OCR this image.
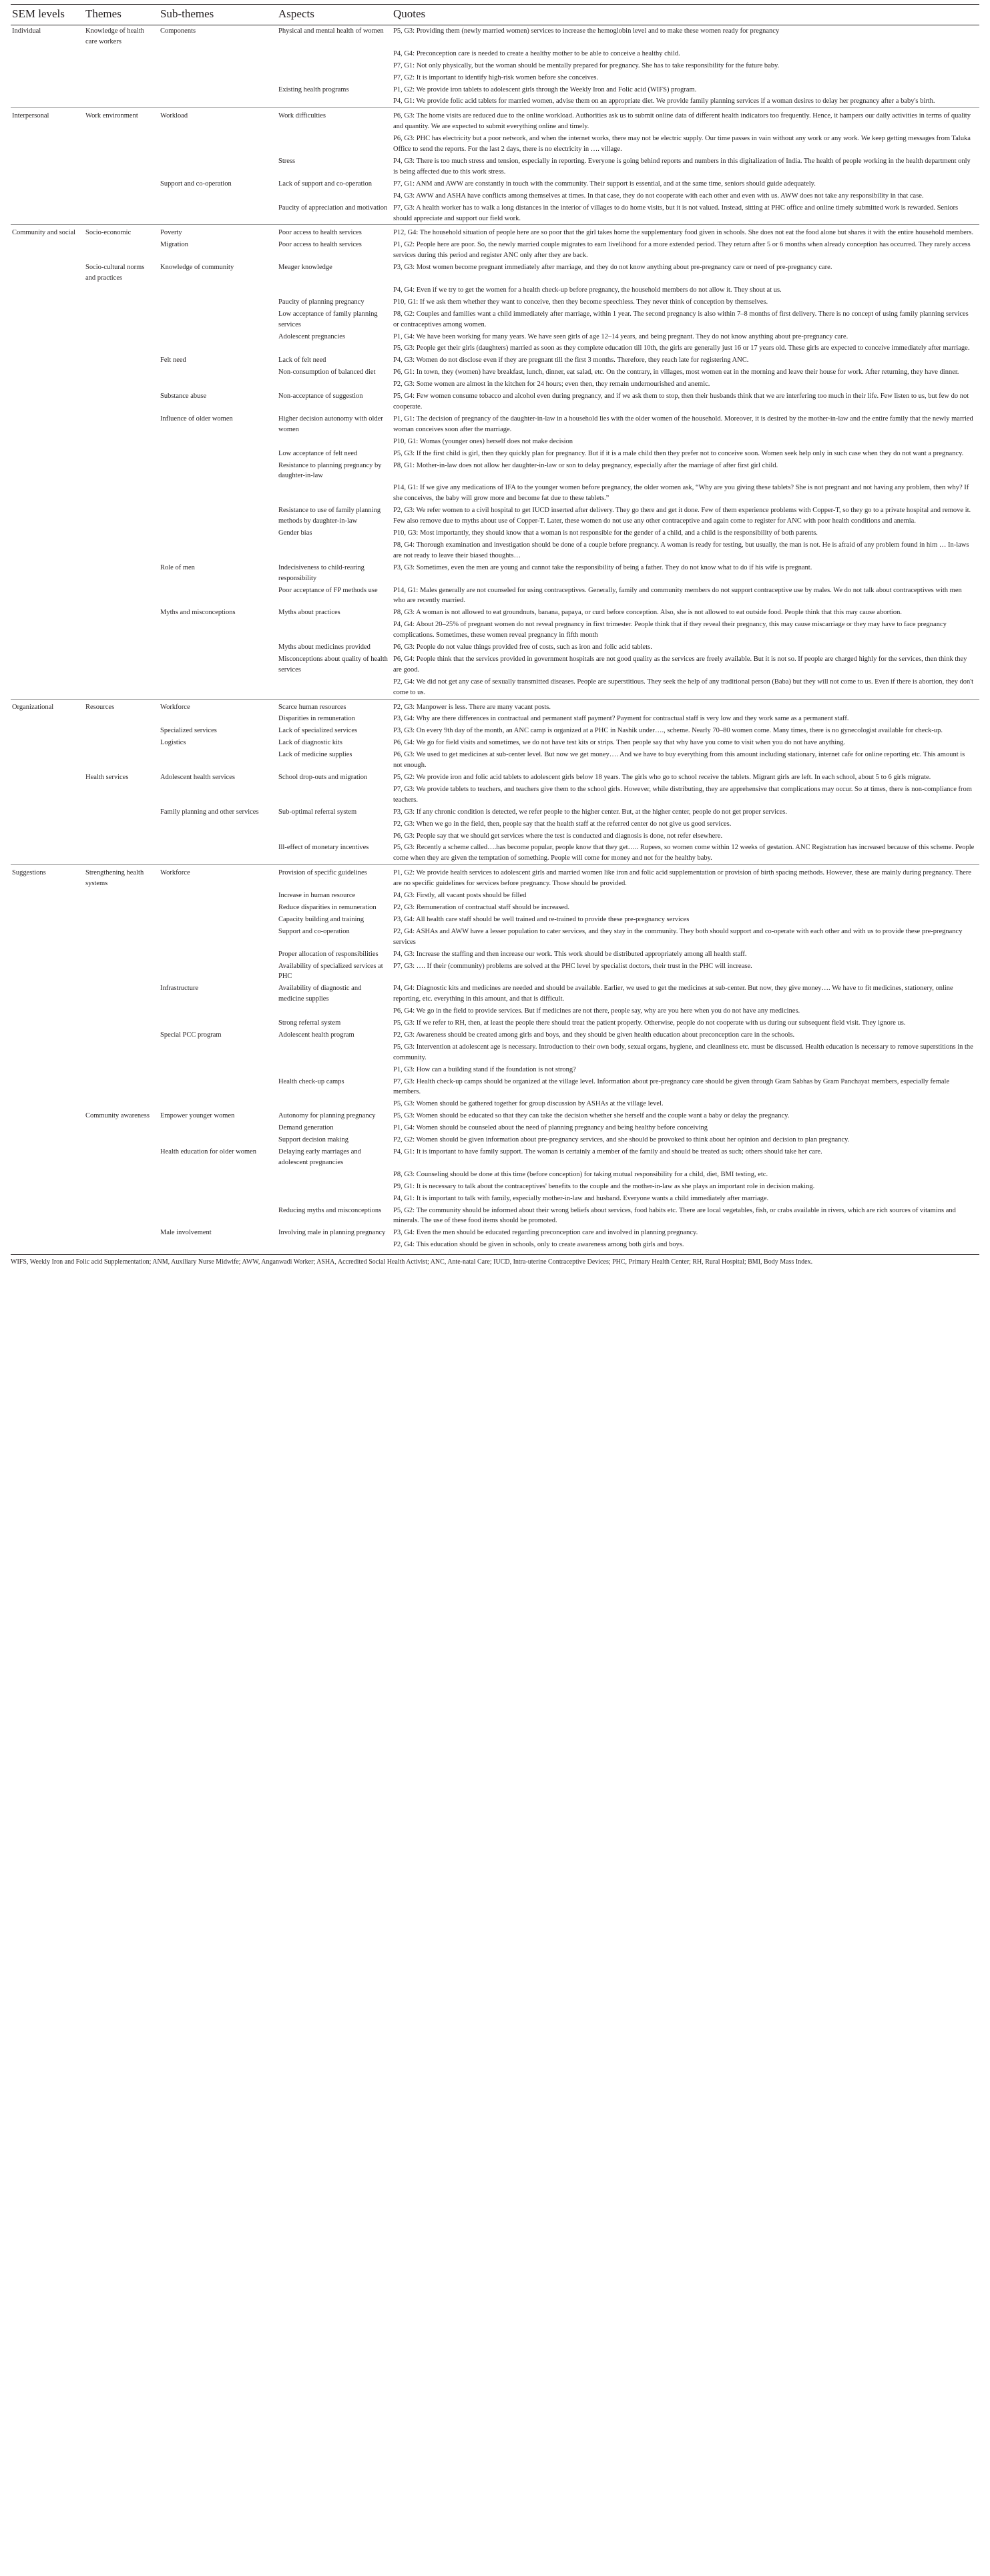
SEM levels	Themes	Sub-themes	Aspects	Quotes
Individual	Knowledge of health care workers	Components	Physical and mental health of women	P5, G3: Providing them (newly married women) services to increase the hemoglobin level and to make these women ready for pregnancy
				P4, G4: Preconception care is needed to create a healthy mother to be able to conceive a healthy child.
				P7, G1: Not only physically, but the woman should be mentally prepared for pregnancy. She has to take responsibility for the future baby.
				P7, G2: It is important to identify high-risk women before she conceives.
			Existing health programs	P1, G2: We provide iron tablets to adolescent girls through the Weekly Iron and Folic acid (WIFS) program.
				P4, G1: We provide folic acid tablets for married women, advise them on an appropriate diet. We provide family planning services if a woman desires to delay her pregnancy after a baby's birth.
Interpersonal	Work environment	Workload	Work difficulties	P6, G3: The home visits are reduced due to the online workload. Authorities ask us to submit online data of different health indicators too frequently. Hence, it hampers our daily activities in terms of quality and quantity. We are expected to submit everything online and timely.
				P6, G3: PHC has electricity but a poor network, and when the internet works, there may not be electric supply. Our time passes in vain without any work or any work. We keep getting messages from Taluka Office to send the reports. For the last 2 days, there is no electricity in …. village.
			Stress	P4, G3: There is too much stress and tension, especially in reporting. Everyone is going behind reports and numbers in this digitalization of India. The health of people working in the health department only is being affected due to this work stress.
		Support and co-operation	Lack of support and co-operation	P7, G1: ANM and AWW are constantly in touch with the community. Their support is essential, and at the same time, seniors should guide adequately.
				P4, G3: AWW and ASHA have conflicts among themselves at times. In that case, they do not cooperate with each other and even with us. AWW does not take any responsibility in that case.
			Paucity of appreciation and motivation	P7, G3: A health worker has to walk a long distances in the interior of villages to do home visits, but it is not valued. Instead, sitting at PHC office and online timely submitted work is rewarded. Seniors should appreciate and support our field work.
Community and social	Socio-economic	Poverty	Poor access to health services	P12, G4: The household situation of people here are so poor that the girl takes home the supplementary food given in schools. She does not eat the food alone but shares it with the entire household members.
		Migration	Poor access to health services	P1, G2: People here are poor. So, the newly married couple migrates to earn livelihood for a more extended period. They return after 5 or 6 months when already conception has occurred. They rarely access services during this period and register ANC only after they are back.
	Socio-cultural norms and practices	Knowledge of community	Meager knowledge	P3, G3: Most women become pregnant immediately after marriage, and they do not know anything about pre-pregnancy care or need of pre-pregnancy care.
				P4, G4: Even if we try to get the women for a health check-up before pregnancy, the household members do not allow it. They shout at us.
			Paucity of planning pregnancy	P10, G1: If we ask them whether they want to conceive, then they become speechless. They never think of conception by themselves.
			Low acceptance of family planning services	P8, G2: Couples and families want a child immediately after marriage, within 1 year. The second pregnancy is also within 7–8 months of first delivery. There is no concept of using family planning services or contraceptives among women.
			Adolescent pregnancies	P1, G4: We have been working for many years. We have seen girls of age 12–14 years, and being pregnant. They do not know anything about pre-pregnancy care.
				P5, G3: People get their girls (daughters) married as soon as they complete education till 10th, the girls are generally just 16 or 17 years old. These girls are expected to conceive immediately after marriage.
		Felt need	Lack of felt need	P4, G3: Women do not disclose even if they are pregnant till the first 3 months. Therefore, they reach late for registering ANC.
			Non-consumption of balanced diet	P6, G1: In town, they (women) have breakfast, lunch, dinner, eat salad, etc. On the contrary, in villages, most women eat in the morning and leave their house for work. After returning, they have dinner.
				P2, G3: Some women are almost in the kitchen for 24 hours; even then, they remain undernourished and anemic.
		Substance abuse	Non-acceptance of suggestion	P5, G4: Few women consume tobacco and alcohol even during pregnancy, and if we ask them to stop, then their husbands think that we are interfering too much in their life. Few listen to us, but few do not cooperate.
		Influence of older women	Higher decision autonomy with older women	P1, G1: The decision of pregnancy of the daughter-in-law in a household lies with the older women of the household. Moreover, it is desired by the mother-in-law and the entire family that the newly married woman conceives soon after the marriage.
				P10, G1: Womas (younger ones) herself does not make decision
			Low acceptance of felt need	P5, G3: If the first child is girl, then they quickly plan for pregnancy. But if it is a male child then they prefer not to conceive soon. Women seek help only in such case when they do not want a pregnancy.
			Resistance to planning pregnancy by daughter-in-law	P8, G1: Mother-in-law does not allow her daughter-in-law or son to delay pregnancy, especially after the marriage of after first girl child.
				P14, G1: If we give any medications of IFA to the younger women before pregnancy, the older women ask, “Why are you giving these tablets? She is not pregnant and not having any problem, then why? If she conceives, the baby will grow more and become fat due to these tablets.”
			Resistance to use of family planning methods by daughter-in-law	P2, G3: We refer women to a civil hospital to get IUCD inserted after delivery. They go there and get it done. Few of them experience problems with Copper-T, so they go to a private hospital and remove it. Few also remove due to myths about use of Copper-T. Later, these women do not use any other contraceptive and again come to register for ANC with poor health conditions and anemia.
			Gender bias	P10, G3: Most importantly, they should know that a woman is not responsible for the gender of a child, and a child is the responsibility of both parents.
				P8, G4: Thorough examination and investigation should be done of a couple before pregnancy. A woman is ready for testing, but usually, the man is not. He is afraid of any problem found in him … In-laws are not ready to leave their biased thoughts…
		Role of men	Indecisiveness to child-rearing responsibility	P3, G3: Sometimes, even the men are young and cannot take the responsibility of being a father. They do not know what to do if his wife is pregnant.
			Poor acceptance of FP methods use	P14, G1: Males generally are not counseled for using contraceptives. Generally, family and community members do not support contraceptive use by males. We do not talk about contraceptives with men who are recently married.
		Myths and misconceptions	Myths about practices	P8, G3: A woman is not allowed to eat groundnuts, banana, papaya, or curd before conception. Also, she is not allowed to eat outside food. People think that this may cause abortion.
				P4, G4: About 20–25% of pregnant women do not reveal pregnancy in first trimester. People think that if they reveal their pregnancy, this may cause miscarriage or they may have to face pregnancy complications. Sometimes, these women reveal pregnancy in fifth month
			Myths about medicines provided	P6, G3: People do not value things provided free of costs, such as iron and folic acid tablets.
			Misconceptions about quality of health services	P6, G4: People think that the services provided in government hospitals are not good quality as the services are freely available. But it is not so. If people are charged highly for the services, then think they are good.
				P2, G4: We did not get any case of sexually transmitted diseases. People are superstitious. They seek the help of any traditional person (Baba) but they will not come to us. Even if there is abortion, they don't come to us.
Organizational	Resources	Workforce	Scarce human resources	P2, G3: Manpower is less. There are many vacant posts.
			Disparities in remuneration	P3, G4: Why are there differences in contractual and permanent staff payment? Payment for contractual staff is very low and they work same as a permanent staff.
		Specialized services	Lack of specialized services	P3, G3: On every 9th day of the month, an ANC camp is organized at a PHC in Nashik under…., scheme. Nearly 70–80 women come. Many times, there is no gynecologist available for check-up.
		Logistics	Lack of diagnostic kits	P6, G4: We go for field visits and sometimes, we do not have test kits or strips. Then people say that why have you come to visit when you do not have anything.
			Lack of medicine supplies	P6, G3: We used to get medicines at sub-center level. But now we get money…. And we have to buy everything from this amount including stationary, internet cafe for online reporting etc. This amount is not enough.
	Health services	Adolescent health services	School drop-outs and migration	P5, G2: We provide iron and folic acid tablets to adolescent girls below 18 years. The girls who go to school receive the tablets. Migrant girls are left. In each school, about 5 to 6 girls migrate.
				P7, G3: We provide tablets to teachers, and teachers give them to the school girls. However, while distributing, they are apprehensive that complications may occur. So at times, there is non-compliance from teachers.
		Family planning and other services	Sub-optimal referral system	P3, G3: If any chronic condition is detected, we refer people to the higher center. But, at the higher center, people do not get proper services.
				P2, G3: When we go in the field, then, people say that the health staff at the referred center do not give us good services.
				P6, G3: People say that we should get services where the test is conducted and diagnosis is done, not refer elsewhere.
			Ill-effect of monetary incentives	P5, G3: Recently a scheme called….has become popular, people know that they get….. Rupees, so women come within 12 weeks of gestation. ANC Registration has increased because of this scheme. People come when they are given the temptation of something. People will come for money and not for the healthy baby.
Suggestions	Strengthening health systems	Workforce	Provision of specific guidelines	P1, G2: We provide health services to adolescent girls and married women like iron and folic acid supplementation or provision of birth spacing methods. However, these are mainly during pregnancy. There are no specific guidelines for services before pregnancy. Those should be provided.
			Increase in human resource	P4, G3: Firstly, all vacant posts should be filled
			Reduce disparities in remuneration	P2, G3: Remuneration of contractual staff should be increased.
			Capacity building and training	P3, G4: All health care staff should be well trained and re-trained to provide these pre-pregnancy services
			Support and co-operation	P2, G4: ASHAs and AWW have a lesser population to cater services, and they stay in the community. They both should support and co-operate with each other and with us to provide these pre-pregnancy services
			Proper allocation of responsibilities	P4, G3: Increase the staffing and then increase our work. This work should be distributed appropriately among all health staff.
			Availability of specialized services at PHC	P7, G3: …. If their (community) problems are solved at the PHC level by specialist doctors, their trust in the PHC will increase.
		Infrastructure	Availability of diagnostic and medicine supplies	P4, G4: Diagnostic kits and medicines are needed and should be available. Earlier, we used to get the medicines at sub-center. But now, they give money…. We have to fit medicines, stationery, online reporting, etc. everything in this amount, and that is difficult.
				P6, G4: We go in the field to provide services. But if medicines are not there, people say, why are you here when you do not have any medicines.
			Strong referral system	P5, G3: If we refer to RH, then, at least the people there should treat the patient properly. Otherwise, people do not cooperate with us during our subsequent field visit. They ignore us.
		Special PCC program	Adolescent health program	P2, G3: Awareness should be created among girls and boys, and they should be given health education about preconception care in the schools.
				P5, G3: Intervention at adolescent age is necessary. Introduction to their own body, sexual organs, hygiene, and cleanliness etc. must be discussed. Health education is necessary to remove superstitions in the community.
				P1, G3: How can a building stand if the foundation is not strong?
			Health check-up camps	P7, G3: Health check-up camps should be organized at the village level. Information about pre-pregnancy care should be given through Gram Sabhas by Gram Panchayat members, especially female members.
				P5, G3: Women should be gathered together for group discussion by ASHAs at the village level.
	Community awareness	Empower younger women	Autonomy for planning pregnancy	P5, G3: Women should be educated so that they can take the decision whether she herself and the couple want a baby or delay the pregnancy.
			Demand generation	P1, G4: Women should be counseled about the need of planning pregnancy and being healthy before conceiving
			Support decision making	P2, G2: Women should be given information about pre-pregnancy services, and she should be provoked to think about her opinion and decision to plan pregnancy.
		Health education for older women	Delaying early marriages and adolescent pregnancies	P4, G1: It is important to have family support. The woman is certainly a member of the family and should be treated as such; others should take her care.
				P8, G3: Counseling should be done at this time (before conception) for taking mutual responsibility for a child, diet, BMI testing, etc.
				P9, G1: It is necessary to talk about the contraceptives' benefits to the couple and the mother-in-law as she plays an important role in decision making.
				P4, G1: It is important to talk with family, especially mother-in-law and husband. Everyone wants a child immediately after marriage.
			Reducing myths and misconceptions	P5, G2: The community should be informed about their wrong beliefs about services, food habits etc. There are local vegetables, fish, or crabs available in rivers, which are rich sources of vitamins and minerals. The use of these food items should be promoted.
		Male involvement	Involving male in planning pregnancy	P3, G4: Even the men should be educated regarding preconception care and involved in planning pregnancy.
				P2, G4: This education should be given in schools, only to create awareness among both girls and boys.
WIFS, Weekly Iron and Folic acid Supplementation; ANM, Auxiliary Nurse Midwife; AWW, Anganwadi Worker; ASHA, Accredited Social Health Activist; ANC, Ante-natal Care; IUCD, Intra-uterine Contraceptive Devices; PHC, Primary Health Center; RH, Rural Hospital; BMI, Body Mass Index.
